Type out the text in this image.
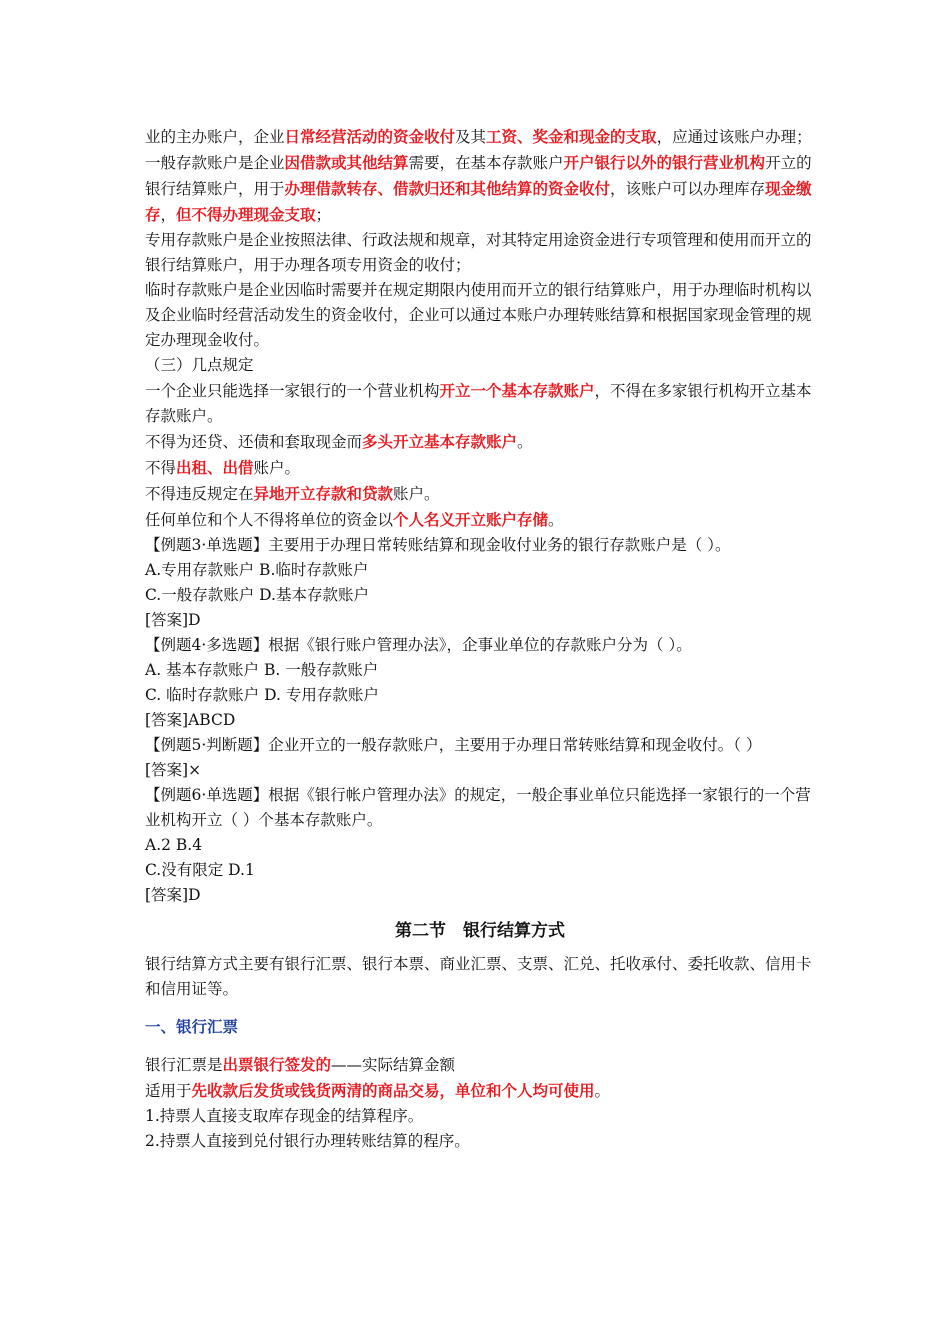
业的主办账户，企业日常经营活动的资金收付及其工资、奖金和现金的支取，应通过该账户办理；

一般存款账户是企业因借款或其他结算需要，在基本存款账户开户银行以外的银行营业机构开立的银行结算账户，用于办理借款转存、借款归还和其他结算的资金收付，该账户可以办理库存现金缴存，但不得办理现金支取；

专用存款账户是企业按照法律、行政法规和规章，对其特定用途资金进行专项管理和使用而开立的银行结算账户，用于办理各项专用资金的收付；

临时存款账户是企业因临时需要并在规定期限内使用而开立的银行结算账户，用于办理临时机构以及企业临时经营活动发生的资金收付，企业可以通过本账户办理转账结算和根据国家现金管理的规定办理现金收付。

（三）几点规定

一个企业只能选择一家银行的一个营业机构开立一个基本存款账户，不得在多家银行机构开立基本存款账户。

不得为还贷、还债和套取现金而多头开立基本存款账户。

不得出租、出借账户。

不得违反规定在异地开立存款和贷款账户。

任何单位和个人不得将单位的资金以个人名义开立账户存储。

【例题3·单选题】主要用于办理日常转账结算和现金收付业务的银行存款账户是（ ）。

A.专用存款账户 B.临时存款账户

C.一般存款账户 D.基本存款账户

[答案]D

【例题4·多选题】根据《银行账户管理办法》，企事业单位的存款账户分为（ ）。

A. 基本存款账户 B. 一般存款账户

C. 临时存款账户 D. 专用存款账户

[答案]ABCD

【例题5·判断题】企业开立的一般存款账户，主要用于办理日常转账结算和现金收付。（ ）

[答案]×

【例题6·单选题】根据《银行帐户管理办法》的规定，一般企事业单位只能选择一家银行的一个营业机构开立（ ）个基本存款账户。

A.2 B.4

C.没有限定 D.1

[答案]D

第二节　银行结算方式

银行结算方式主要有银行汇票、银行本票、商业汇票、支票、汇兑、托收承付、委托收款、信用卡和信用证等。

一、银行汇票

银行汇票是出票银行签发的——实际结算金额

适用于先收款后发货或钱货两清的商品交易，单位和个人均可使用。

1.持票人直接支取库存现金的结算程序。

2.持票人直接到兑付银行办理转账结算的程序。
